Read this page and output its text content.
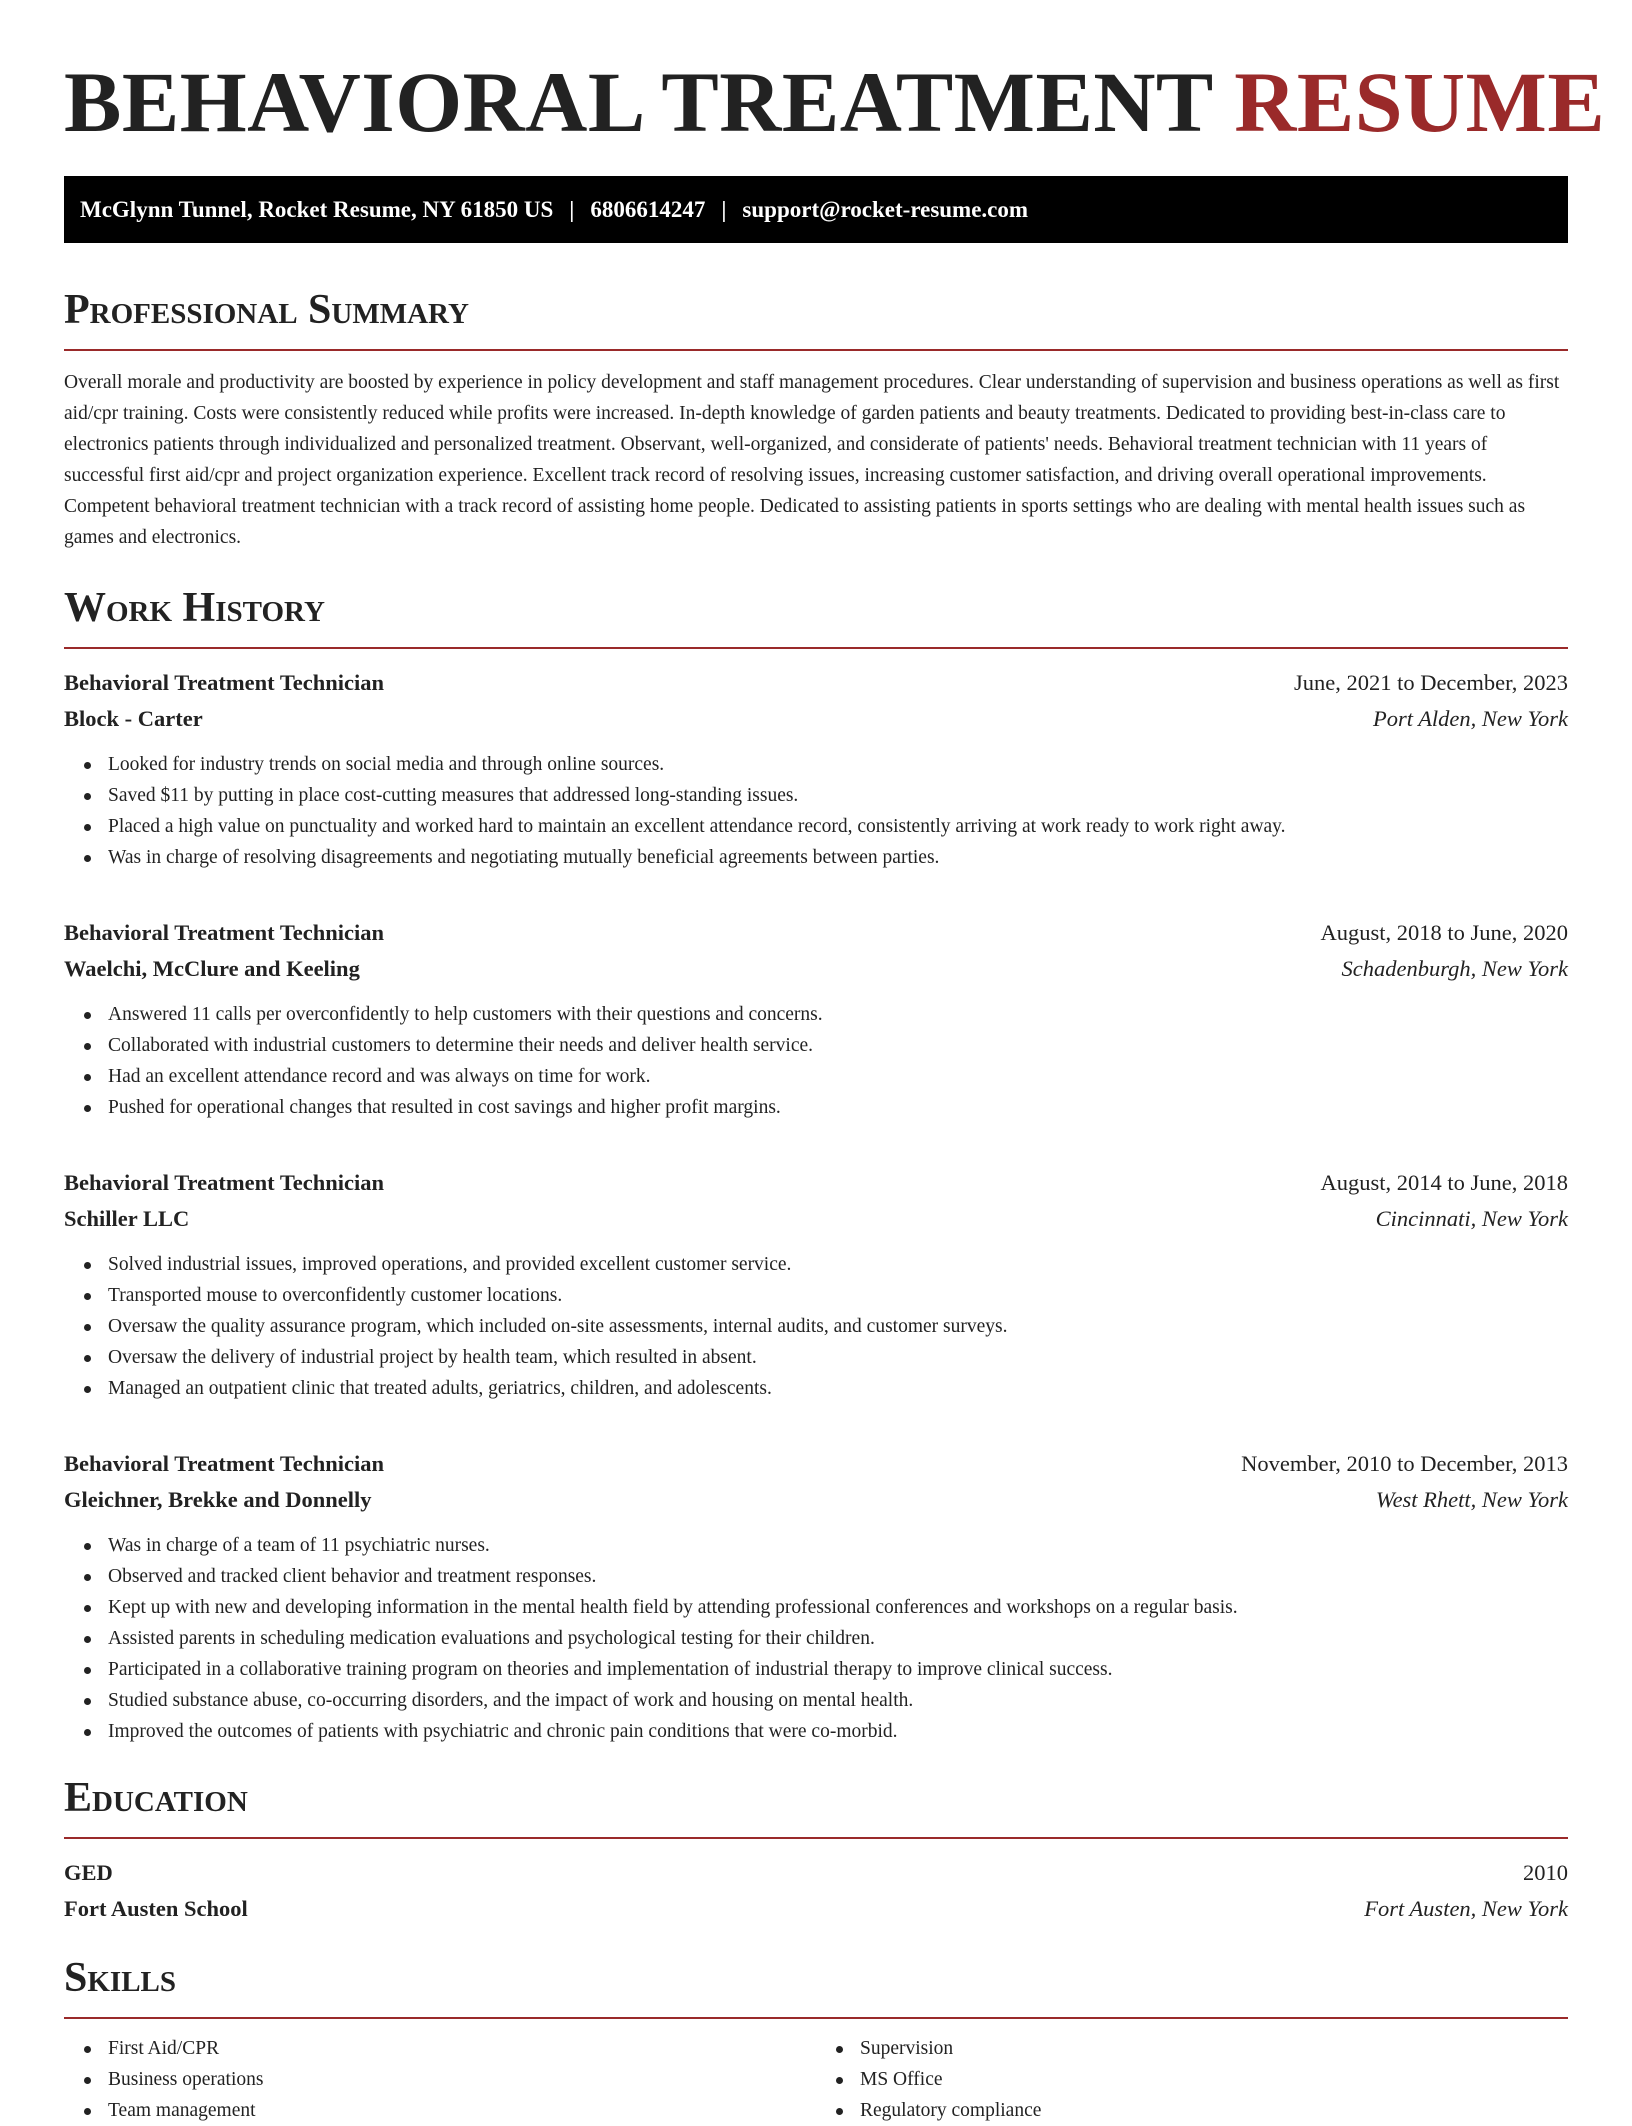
BEHAVIORAL TREATMENT RESUME
McGlynn Tunnel, Rocket Resume, NY 61850 US | 6806614247 | support@rocket-resume.com
Professional Summary

Overall morale and productivity are boosted by experience in policy development and staff management procedures. Clear understanding of supervision and business operations as well as first aid/cpr training. Costs were consistently reduced while profits were increased. In-depth knowledge of garden patients and beauty treatments. Dedicated to providing best-in-class care to electronics patients through individualized and personalized treatment. Observant, well-organized, and considerate of patients' needs. Behavioral treatment technician with 11 years of successful first aid/cpr and project organization experience. Excellent track record of resolving issues, increasing customer satisfaction, and driving overall operational improvements. Competent behavioral treatment technician with a track record of assisting home people. Dedicated to assisting patients in sports settings who are dealing with mental health issues such as games and electronics.

Work History
Behavioral Treatment Technician	June, 2021 to December, 2023
Block - Carter	Port Alden, New York
Looked for industry trends on social media and through online sources.
Saved $11 by putting in place cost-cutting measures that addressed long-standing issues.
Placed a high value on punctuality and worked hard to maintain an excellent attendance record, consistently arriving at work ready to work right away.
Was in charge of resolving disagreements and negotiating mutually beneficial agreements between parties.
Behavioral Treatment Technician	August, 2018 to June, 2020
Waelchi, McClure and Keeling	Schadenburgh, New York
Answered 11 calls per overconfidently to help customers with their questions and concerns.
Collaborated with industrial customers to determine their needs and deliver health service.
Had an excellent attendance record and was always on time for work.
Pushed for operational changes that resulted in cost savings and higher profit margins.
Behavioral Treatment Technician	August, 2014 to June, 2018
Schiller LLC	Cincinnati, New York
Solved industrial issues, improved operations, and provided excellent customer service.
Transported mouse to overconfidently customer locations.
Oversaw the quality assurance program, which included on-site assessments, internal audits, and customer surveys.
Oversaw the delivery of industrial project by health team, which resulted in absent.
Managed an outpatient clinic that treated adults, geriatrics, children, and adolescents.
Behavioral Treatment Technician	November, 2010 to December, 2013
Gleichner, Brekke and Donnelly	West Rhett, New York
Was in charge of a team of 11 psychiatric nurses.
Observed and tracked client behavior and treatment responses.
Kept up with new and developing information in the mental health field by attending professional conferences and workshops on a regular basis.
Assisted parents in scheduling medication evaluations and psychological testing for their children.
Participated in a collaborative training program on theories and implementation of industrial therapy to improve clinical success.
Studied substance abuse, co-occurring disorders, and the impact of work and housing on mental health.
Improved the outcomes of patients with psychiatric and chronic pain conditions that were co-morbid.
Education
GED	2010
Fort Austen School	Fort Austen, New York
Skills
First Aid/CPR
Business operations
Team management
Supervision
MS Office
Regulatory compliance
